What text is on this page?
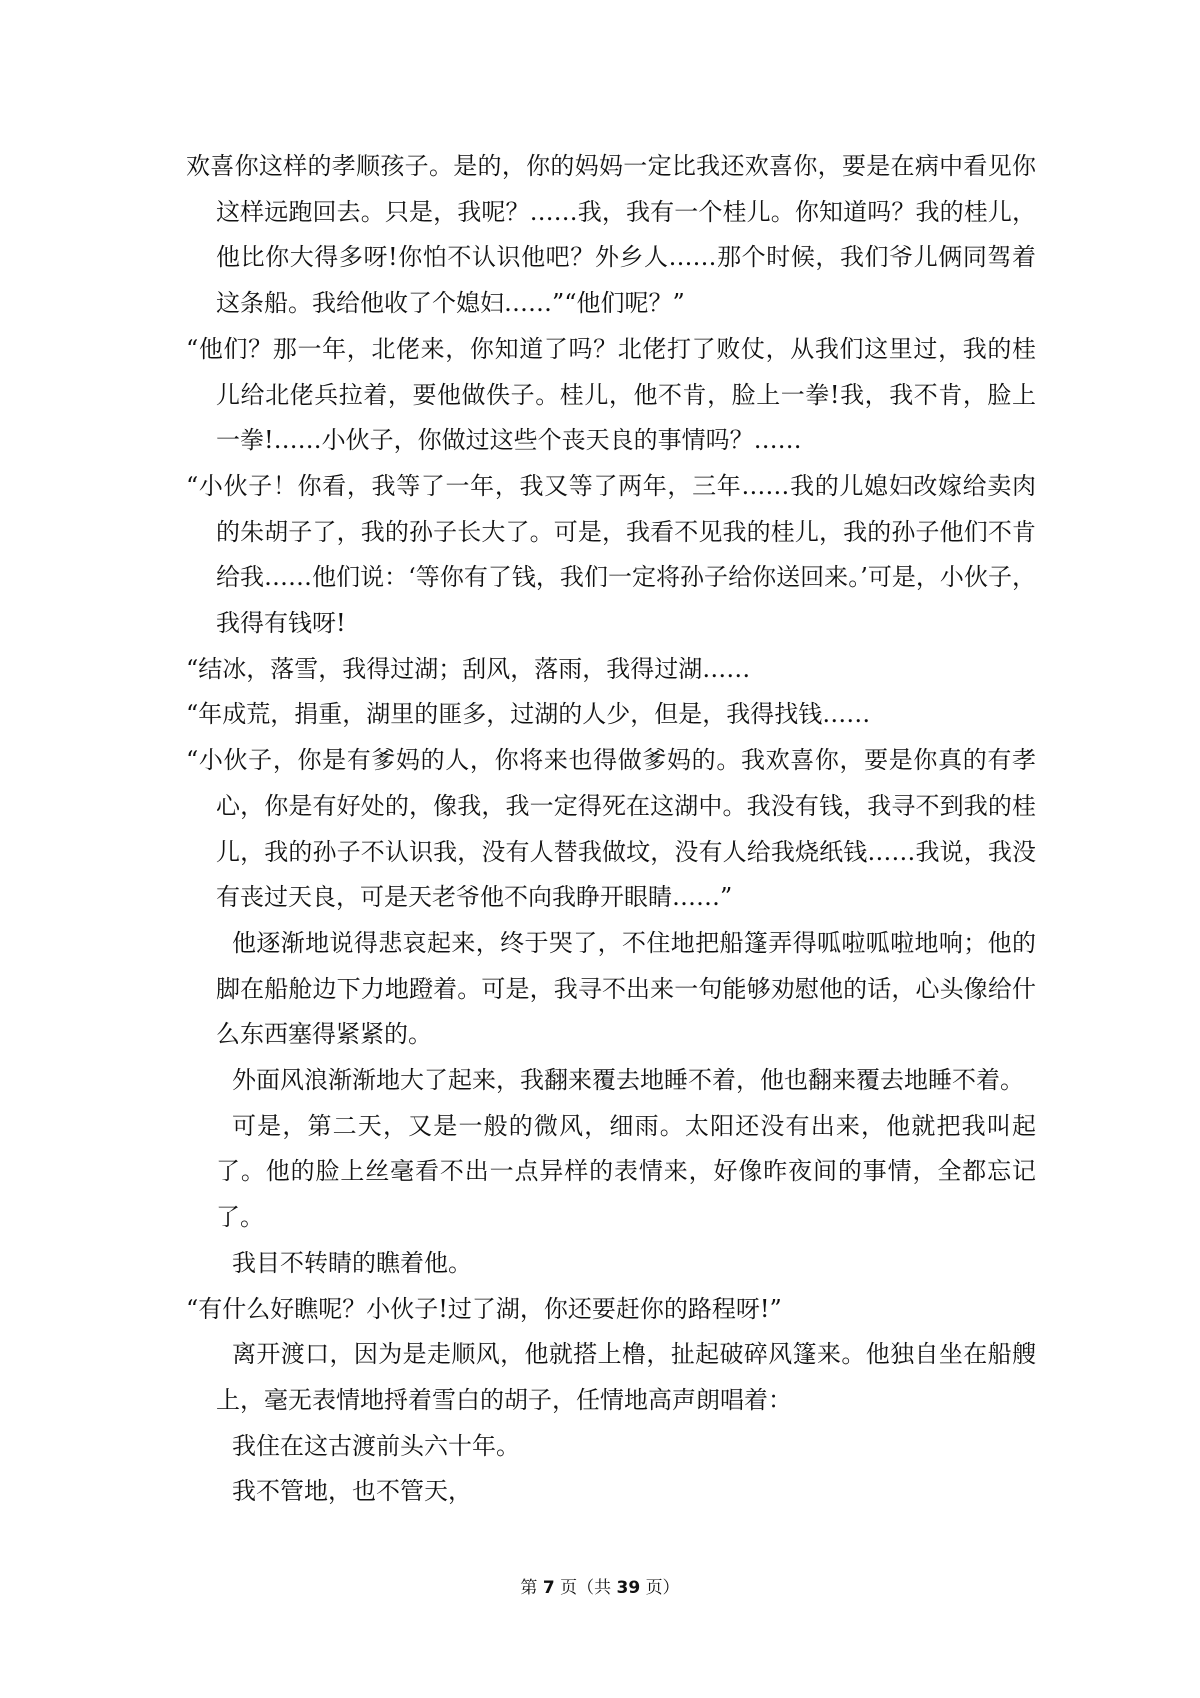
欢喜你这样的孝顺孩子。是的，你的妈妈一定比我还欢喜你，要是在病中看见你这样远跑回去。只是，我呢？……我，我有一个桂儿。你知道吗？我的桂儿，他比你大得多呀!你怕不认识他吧？外乡人……那个时候，我们爷儿俩同驾着这条船。我给他收了个媳妇……”“他们呢？”

“他们？那一年，北佬来，你知道了吗？北佬打了败仗，从我们这里过，我的桂儿给北佬兵拉着，要他做佚子。桂儿，他不肯，脸上一拳!我，我不肯，脸上一拳!……小伙子，你做过这些个丧天良的事情吗？……

“小伙子！你看，我等了一年，我又等了两年，三年……我的儿媳妇改嫁给卖肉的朱胡子了，我的孙子长大了。可是，我看不见我的桂儿，我的孙子他们不肯给我……他们说：‘等你有了钱，我们一定将孙子给你送回来。’可是，小伙子，我得有钱呀!

“结冰，落雪，我得过湖；刮风，落雨，我得过湖……

“年成荒，捐重，湖里的匪多，过湖的人少，但是，我得找钱……

“小伙子，你是有爹妈的人，你将来也得做爹妈的。我欢喜你，要是你真的有孝心，你是有好处的，像我，我一定得死在这湖中。我没有钱，我寻不到我的桂儿，我的孙子不认识我，没有人替我做坟，没有人给我烧纸钱……我说，我没有丧过天良，可是天老爷他不向我睁开眼睛……”

他逐渐地说得悲哀起来，终于哭了，不住地把船篷弄得呱啦呱啦地响；他的脚在船舱边下力地蹬着。可是，我寻不出来一句能够劝慰他的话，心头像给什么东西塞得紧紧的。

外面风浪渐渐地大了起来，我翻来覆去地睡不着，他也翻来覆去地睡不着。

可是，第二天，又是一般的微风，细雨。太阳还没有出来，他就把我叫起了。他的脸上丝毫看不出一点异样的表情来，好像昨夜间的事情，全都忘记了。

我目不转睛的瞧着他。

“有什么好瞧呢？小伙子!过了湖，你还要赶你的路程呀!”

离开渡口，因为是走顺风，他就搭上橹，扯起破碎风篷来。他独自坐在船艘上，毫无表情地捋着雪白的胡子，任情地高声朗唱着：

我住在这古渡前头六十年。

我不管地，也不管天，

第 7 页（共 39 页）
